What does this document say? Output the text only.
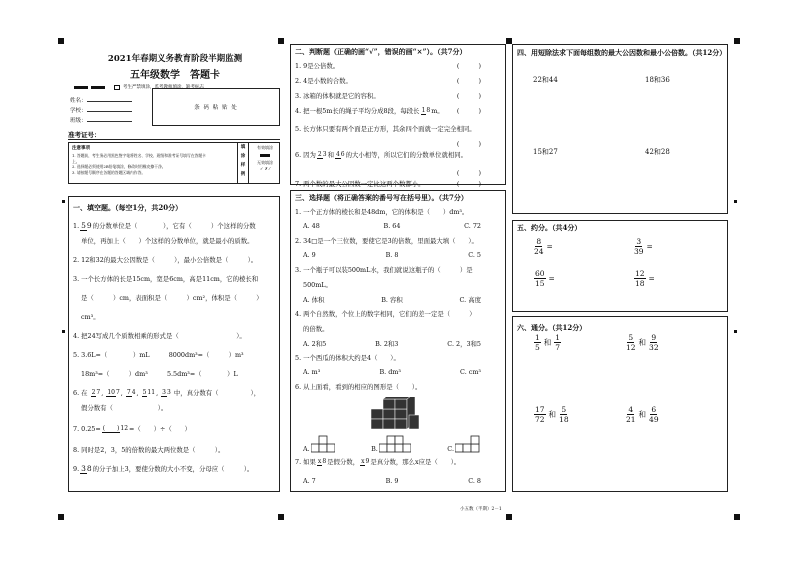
2021年春期义务教育阶段半期监测
五年级数学　答题卡
考生严禁填涂，监考教师填涂，缺考标志
姓名：
学校：
班级：
条 码 粘 贴 处
准考证号：
注意事项
1. 答题前，考生务必用黑色签字笔将姓名、学校、班级和准考证号填写在答题卡上。
2. 选择题必须使用2B铅笔填涂，修改时用橡皮擦干净。
3. 请按题号顺序在各题的答题区域内作答。
填
涂
样
例
有效填涂
无效填涂
✓ ✗ ⁄
一、填空题。（每空1分，共20分）
1. 59的分数单位是（　　　　），它有（　　　）个这样的分数
单位，再加上（　　）个这样的分数单位，就是最小的质数。
2. 12和32的最大公因数是（　　　），最小公倍数是（　　　）。
3. 一个长方体的长是15cm，宽是6cm，高是11cm，它的棱长和
是（　　　）cm，表面积是（　　　）cm²，体积是（　　　）
cm³。
4. 把24写成几个质数相乘的形式是（　　　　　　　　　）。
5. 3.6L=（　　　　）mL　　　8000dm³=（　　　）m³
18m³=（　　　）dm³　　　5.5dm³=（　　　　）L
6. 在 27, 107, 74, 511, 33 中，真分数有（　　　　　），
假分数有（　　　　　　　）。
7. 0.25= (　　)12=（　　）÷（　　）
8. 同时是2，3，5的倍数的最大两位数是（　　　）。
9. 38的分子加上3，要使分数的大小不变，分母应（　　　）。
二、判断题（正确的画“√”，错误的画“×”）。（共7分）
1. 9是公倍数。	(　　　)
2. 4是小数的合数。	(　　　)
3. 冰箱的体积就是它的容积。	(　　　)
4. 把一根5m长的绳子平均分成8段，每段长 18m。 (　　　)
5. 长方体只要有两个面是正方形，其余四个面就一定完全相同。
(　　　)
6. 因为 23和 46的大小相等，所以它们的分数单位就相同。
(　　　)
7. 两个数的最大公因数一定比这两个数都小。	(　　　)
三、选择题（将正确答案的番号写在括号里）。（共7分）
1. 一个正方体的棱长和是48dm，它的体积是（　　）dm³。
A. 48	B. 64	C. 72
2. 34□是一个三位数，要使它是3的倍数，里面最大填（　　）。
A. 9	B. 8	C. 5
3. 一个瓶子可以装500mL水，我们就说这瓶子的（　　　）是
500mL。
A. 体积	B. 容积	C. 高度
4. 两个自然数，个位上的数字相同，它们的差一定是（　　　）
的倍数。
A. 2和5	B. 2和3	C. 2，3和5
5. 一个西瓜的体积大约是4（　　）。
A. m³	B. dm³	C. cm³
6. 从上面看，看到的相应的图形是（　　）。
A.	B.	C.
7. 如果 x8是假分数， x9是真分数，那么x应是（　　）。
A. 7	B. 9	C. 8
小五数（半期）2－1
四、用短除法求下面每组数的最大公因数和最小公倍数。（共12分）
22和44	18和36
15和27	42和28
五、约分。（共4分）
$\frac{8}{24}$ =	$\frac{3}{39}$ =
$\frac{60}{15}$ =	$\frac{12}{18}$ =
六、通分。（共12分）
$\frac{1}{5}$ 和 $\frac{1}{7}$	$\frac{5}{12}$ 和 $\frac{9}{32}$
$\frac{17}{72}$ 和 $\frac{5}{18}$	$\frac{4}{21}$ 和 $\frac{6}{49}$
